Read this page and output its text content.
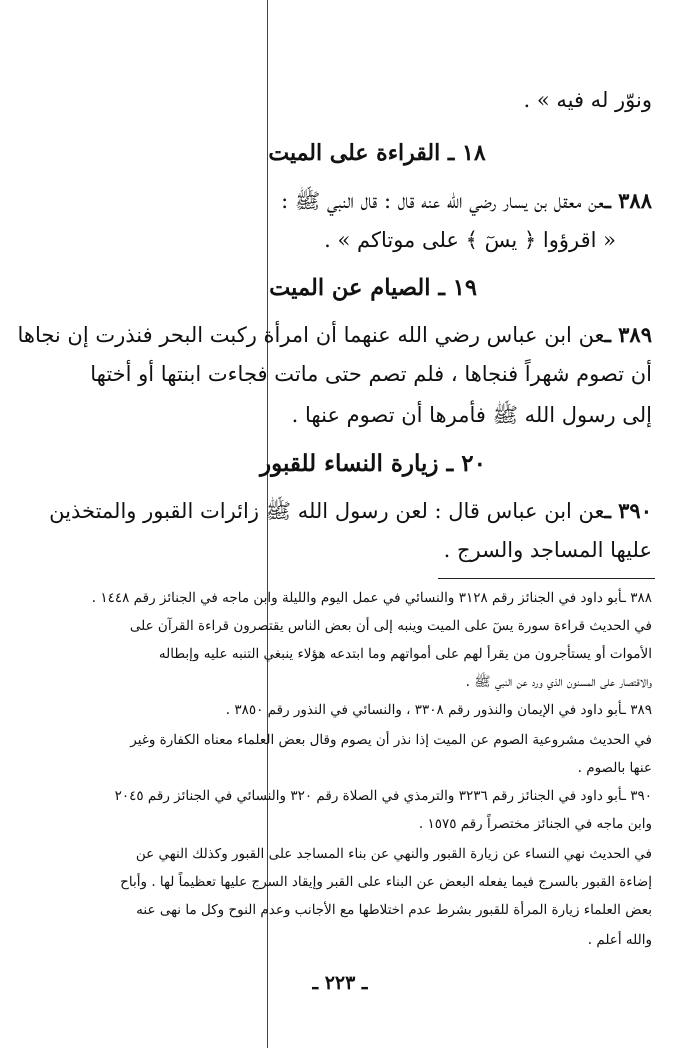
ونوّر له فيه » .
١٨ ـ القراءة على الميت
٣٨٨ ـعن معقل بن يسار رضي الله عنه قال : قال النبي ﷺ :
« اقرؤوا ﴿ يسٓ ﴾ على موتاكم » .
١٩ ـ الصيام عن الميت
٣٨٩ ـعن ابن عباس رضي الله عنهما أن امرأة ركبت البحر فنذرت إن نجاها
أن تصوم شهراً فنجاها ، فلم تصم حتى ماتت فجاءت ابنتها أو أختها
إلى رسول الله ﷺ فأمرها أن تصوم عنها .
٢٠ ـ زيارة النساء للقبور
٣٩٠ ـعن ابن عباس قال : لعن رسول الله ﷺ زائرات القبور والمتخذين
عليها المساجد والسرج .
٣٨٨ ـأبو داود في الجنائز رقم ٣١٢٨ والنسائي في عمل اليوم والليلة وابن ماجه في الجنائز رقم ١٤٤٨ .
في الحديث قراءة سورة يسٓ على الميت وينبه إلى أن بعض الناس يقتصرون قراءة القرآن على
الأموات أو يستأجرون من يقرأ لهم على أمواتهم وما ابتدعه هؤلاء ينبغي التنبه عليه وإبطاله
والاقتصار على المسنون الذي ورد عن النبي ﷺ .
٣٨٩ ـأبو داود في الإيمان والنذور رقم ٣٣٠٨ ، والنسائي في النذور رقم ٣٨٥٠ .
في الحديث مشروعية الصوم عن الميت إذا نذر أن يصوم وقال بعض العلماء معناه الكفارة وغير
عنها بالصوم .
٣٩٠ ـأبو داود في الجنائز رقم ٣٢٣٦ والترمذي في الصلاة رقم ٣٢٠ والنسائي في الجنائز رقم ٢٠٤٥
وابن ماجه في الجنائز مختصراً رقم ١٥٧٥ .
في الحديث نهي النساء عن زيارة القبور والنهي عن بناء المساجد على القبور وكذلك النهي عن
إضاءة القبور بالسرج فيما يفعله البعض عن البناء على القبر وإيقاد السرج عليها تعظيماً لها . وأباح
بعض العلماء زيارة المرأة للقبور بشرط عدم اختلاطها مع الأجانب وعدم النوح وكل ما نهى عنه
والله أعلم .
ـ ٢٢٣ ـ
